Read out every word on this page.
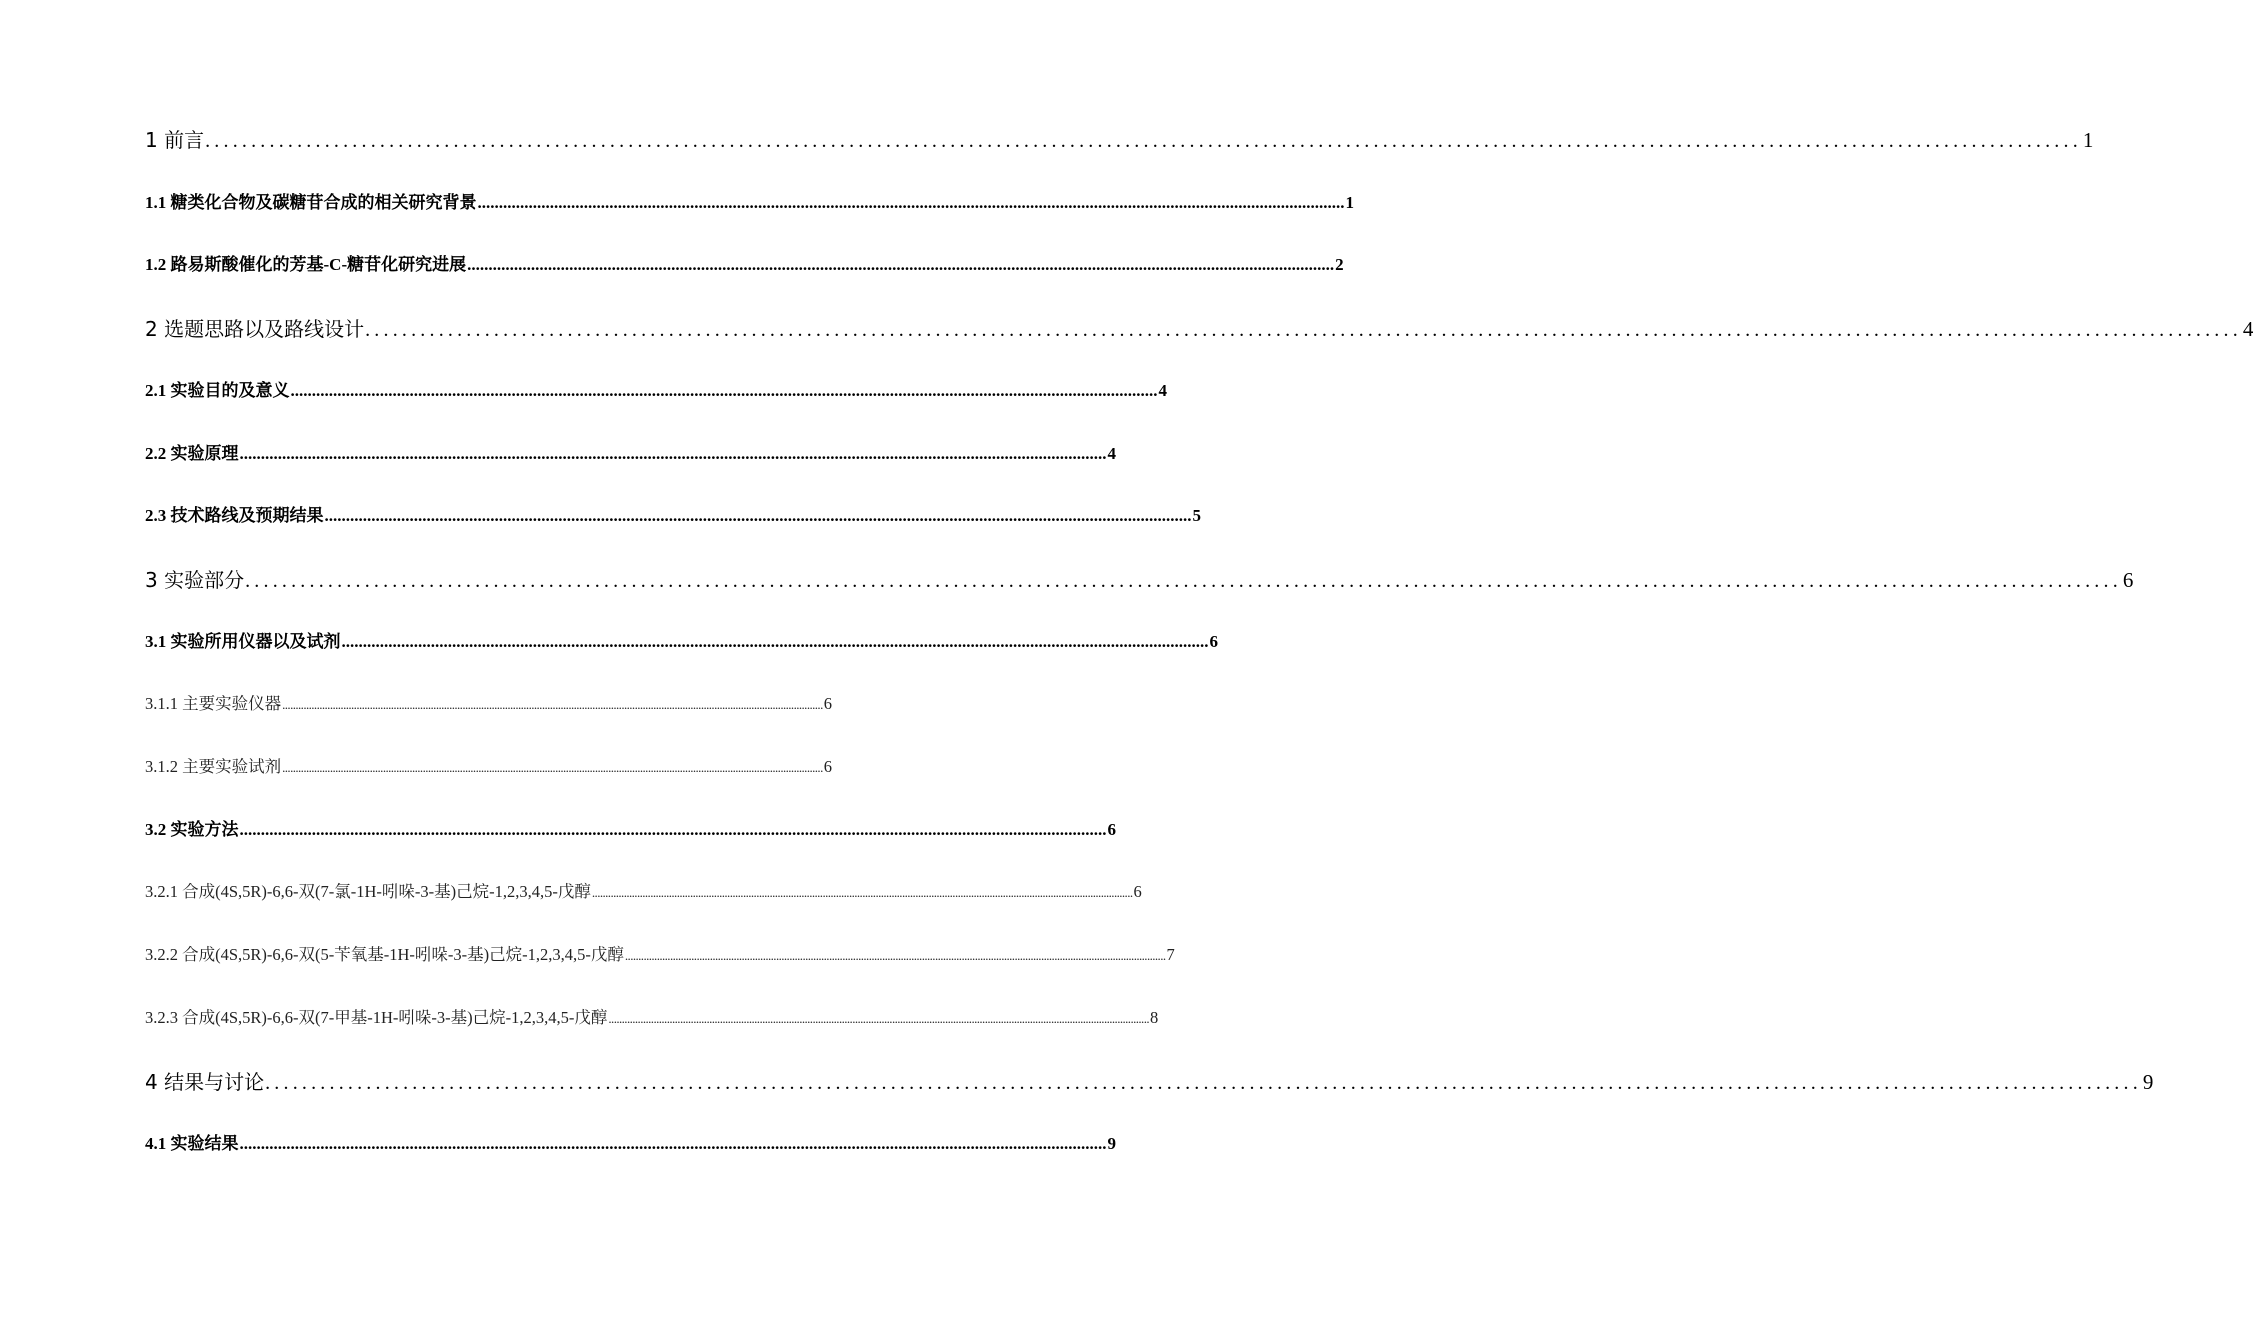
1 前言 ............................................................................................................................................................................................................ 1
1.1 糖类化合物及碳糖苷合成的相关研究背景 ............................................................................................................................................................................................................ 1
1.2 路易斯酸催化的芳基-C-糖苷化研究进展 ............................................................................................................................................................................................................ 2
2 选题思路以及路线设计 ............................................................................................................................................................................................................ 4
2.1 实验目的及意义 ............................................................................................................................................................................................................ 4
2.2 实验原理 ............................................................................................................................................................................................................ 4
2.3 技术路线及预期结果 ............................................................................................................................................................................................................ 5
3 实验部分 ............................................................................................................................................................................................................ 6
3.1 实验所用仪器以及试剂 ............................................................................................................................................................................................................ 6
3.1.1 主要实验仪器 ............................................................................................................................................................................................................ 6
3.1.2 主要实验试剂 ............................................................................................................................................................................................................ 6
3.2 实验方法 ............................................................................................................................................................................................................ 6
3.2.1 合成(4S,5R)-6,6-双(7-氯-1H-吲哚-3-基)己烷-1,2,3,4,5-戊醇 ............................................................................................................................................................................................................ 6
3.2.2 合成(4S,5R)-6,6-双(5-苄氧基-1H-吲哚-3-基)己烷-1,2,3,4,5-戊醇 ............................................................................................................................................................................................................ 7
3.2.3 合成(4S,5R)-6,6-双(7-甲基-1H-吲哚-3-基)己烷-1,2,3,4,5-戊醇 ............................................................................................................................................................................................................ 8
4 结果与讨论 ............................................................................................................................................................................................................ 9
4.1 实验结果 ............................................................................................................................................................................................................ 9
